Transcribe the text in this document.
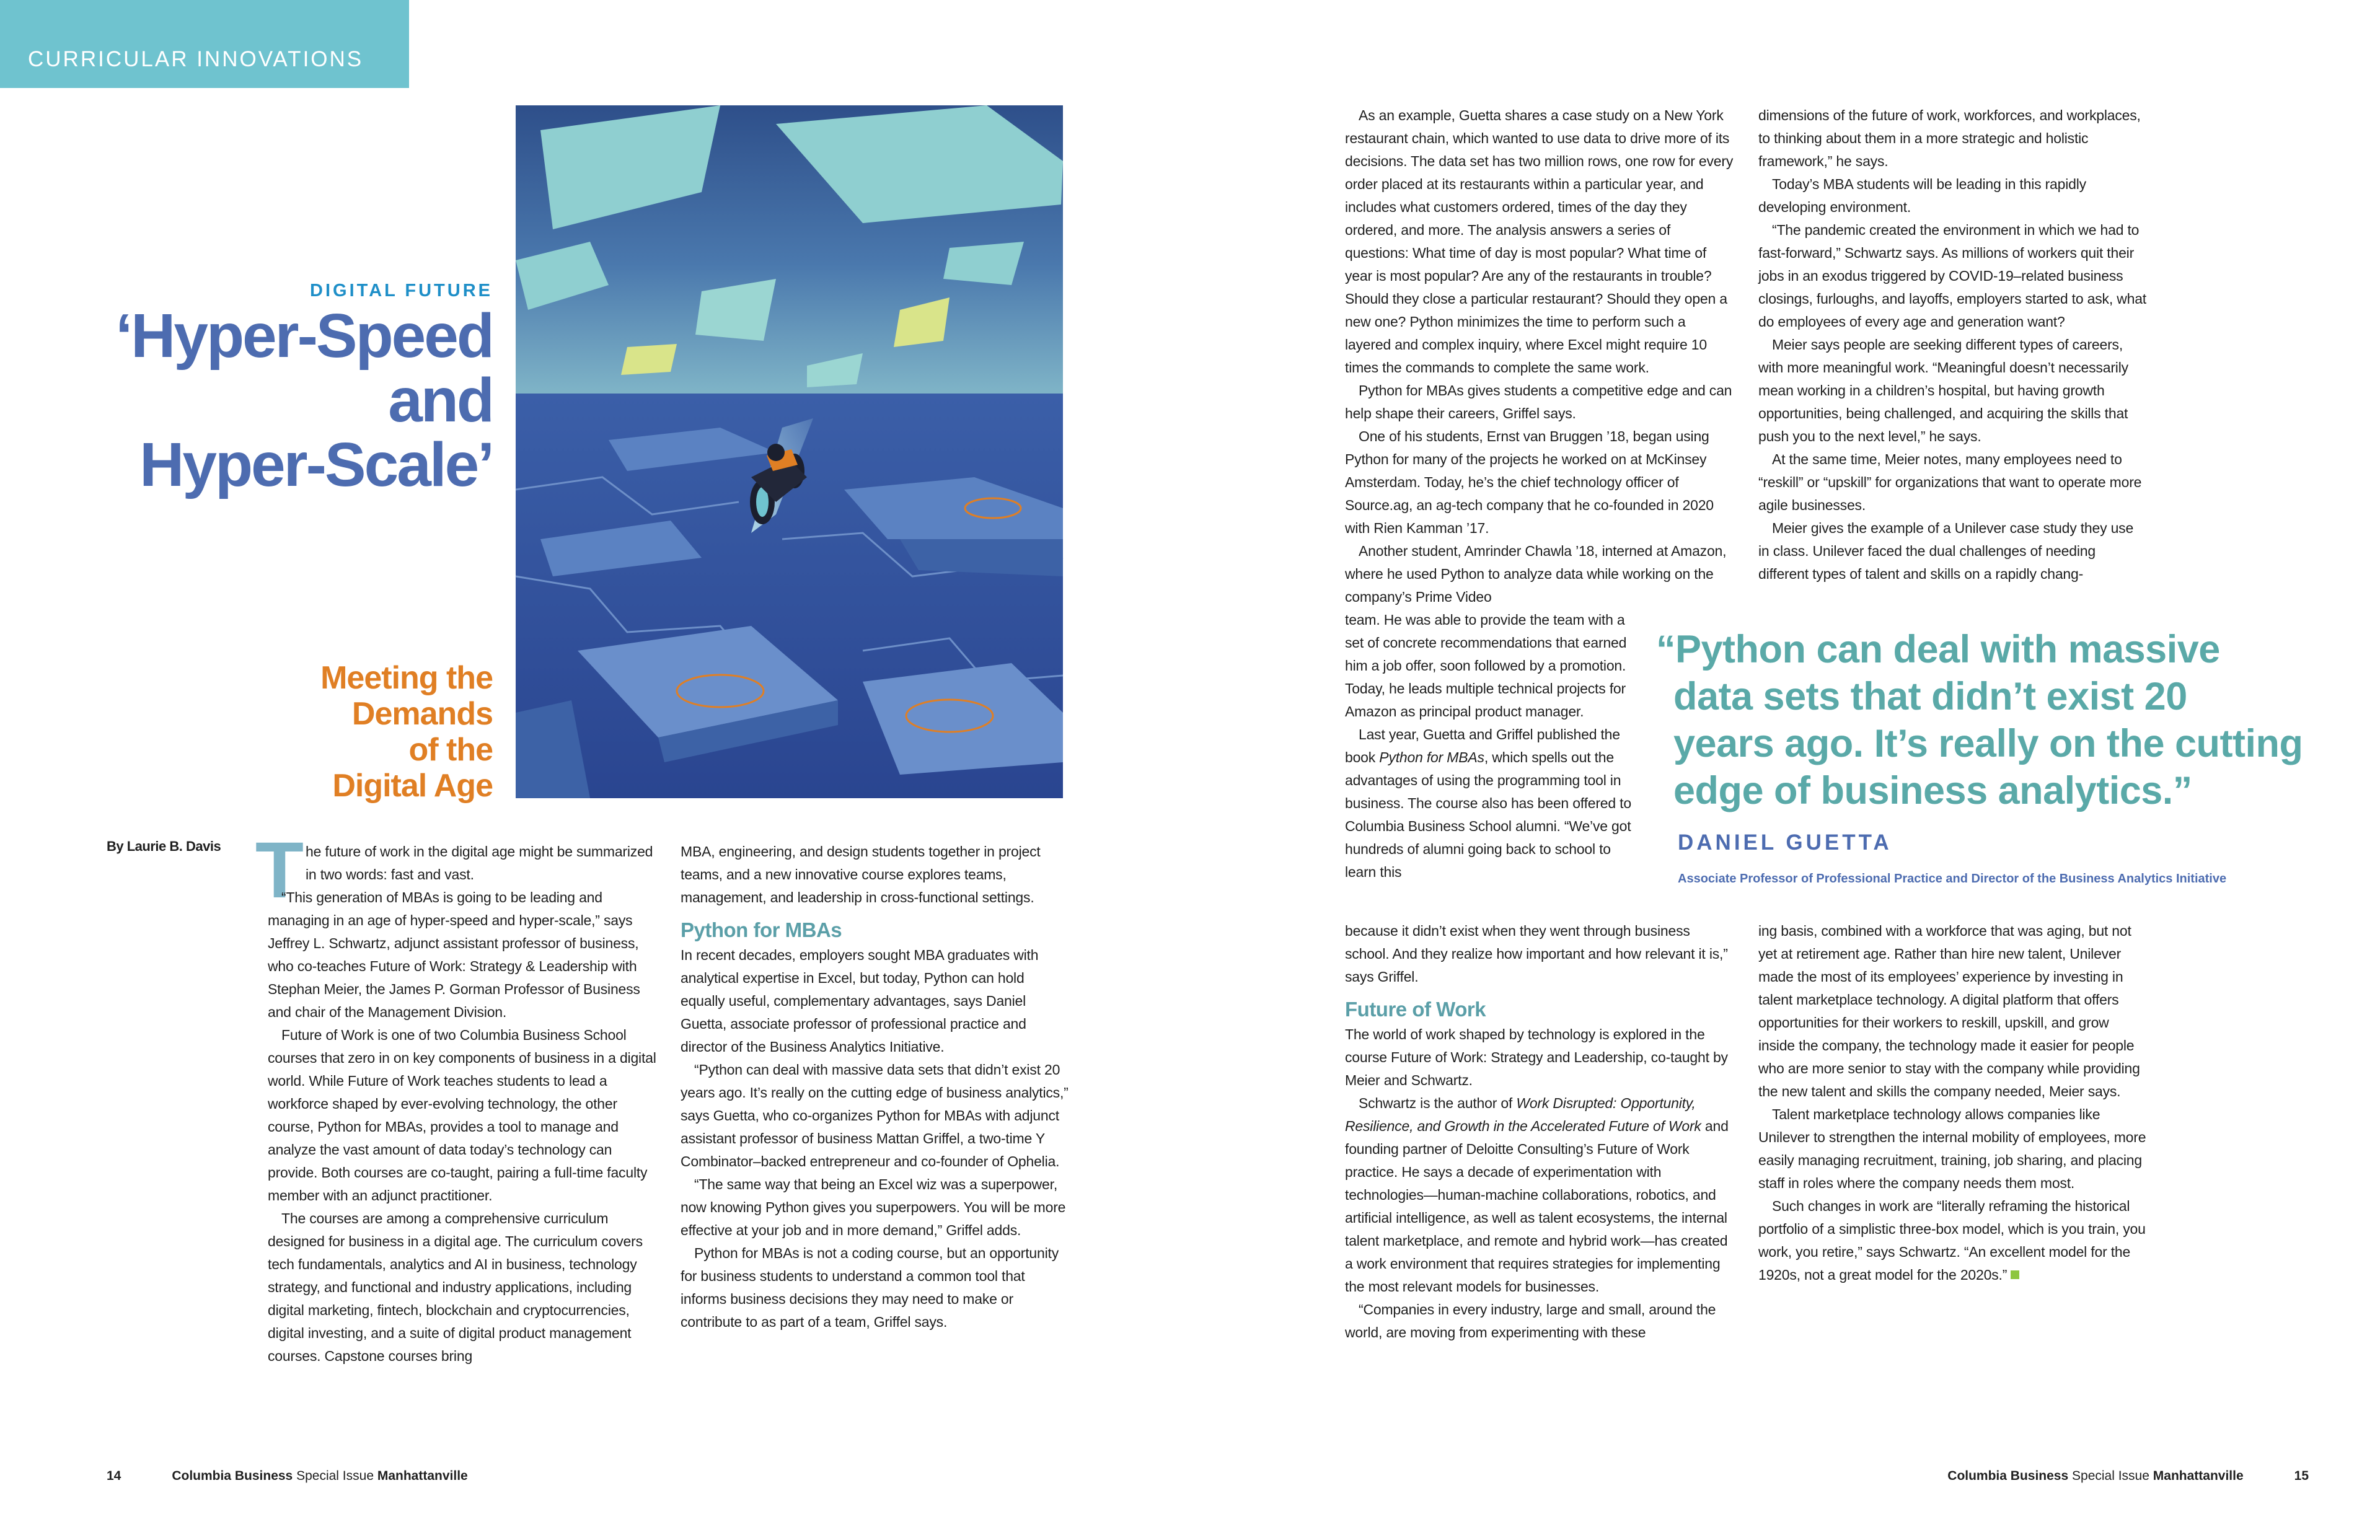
CURRICULAR INNOVATIONS
DIGITAL FUTURE
‘Hyper-Speed
and
Hyper-Scale’
Meeting the
Demands
of the
Digital Age
By Laurie B. Davis T he future of work in the digital age might be summarized in two words: fast and vast.

“This generation of MBAs is going to be leading and managing in an age of hyper-speed and hyper-scale,” says Jeffrey L. Schwartz, adjunct assistant professor of business, who co-teaches Future of Work: Strategy & Leadership with Stephan Meier, the James P. Gorman Professor of Business and chair of the Management Division.

Future of Work is one of two Columbia Business School courses that zero in on key components of business in a digital world. While Future of Work teaches students to lead a workforce shaped by ever-evolving technology, the other course, Python for MBAs, provides a tool to manage and analyze the vast amount of data today’s technology can provide. Both courses are co-taught, pairing a full-time faculty member with an adjunct practitioner.

The courses are among a comprehensive curriculum designed for business in a digital age. The curriculum covers tech fundamentals, analytics and AI in business, technology strategy, and functional and industry applications, including digital marketing, fintech, blockchain and cryptocurrencies, digital investing, and a suite of digital product management courses. Capstone courses bring

MBA, engineering, and design students together in project teams, and a new innovative course explores teams, management, and leadership in cross-functional settings.

Python for MBAs

In recent decades, employers sought MBA graduates with analytical expertise in Excel, but today, Python can hold equally useful, complementary advantages, says Daniel Guetta, associate professor of professional practice and director of the Business Analytics Initiative.

“Python can deal with massive data sets that didn’t exist 20 years ago. It’s really on the cutting edge of business analytics,” says Guetta, who co-organizes Python for MBAs with adjunct assistant professor of business Mattan Griffel, a two-time Y Combinator–backed entrepreneur and co-founder of Ophelia.

“The same way that being an Excel wiz was a superpower, now knowing Python gives you superpowers. You will be more effective at your job and in more demand,” Griffel adds.

Python for MBAs is not a coding course, but an opportunity for business students to understand a common tool that informs business decisions they may need to make or contribute to as part of a team, Griffel says.

As an example, Guetta shares a case study on a New York restaurant chain, which wanted to use data to drive more of its decisions. The data set has two million rows, one row for every order placed at its restaurants within a particular year, and includes what customers ordered, times of the day they ordered, and more. The analysis answers a series of questions: What time of day is most popular? What time of year is most popular? Are any of the restaurants in trouble? Should they close a particular restaurant? Should they open a new one? Python minimizes the time to perform such a layered and complex inquiry, where Excel might require 10 times the commands to complete the same work.

Python for MBAs gives students a competitive edge and can help shape their careers, Griffel says.

One of his students, Ernst van Bruggen ’18, began using Python for many of the projects he worked on at McKinsey Amsterdam. Today, he’s the chief technology officer of Source.ag, an ag-tech company that he co-founded in 2020 with Rien Kamman ’17.

Another student, Amrinder Chawla ’18, interned at Amazon, where he used Python to analyze data while working on the company’s Prime Video

team. He was able to provide the team with a set of concrete recommendations that earned him a job offer, soon followed by a promotion. Today, he leads multiple technical projects for Amazon as principal product manager.

Last year, Guetta and Griffel published the book Python for MBAs, which spells out the advantages of using the programming tool in business. The course also has been offered to Columbia Business School alumni. “We’ve got hundreds of alumni going back to school to learn this

dimensions of the future of work, workforces, and workplaces, to thinking about them in a more strategic and holistic framework,” he says.

Today’s MBA students will be leading in this rapidly developing environment.

“The pandemic created the environment in which we had to fast-forward,” Schwartz says. As millions of workers quit their jobs in an exodus triggered by COVID-19–related business closings, furloughs, and layoffs, employers started to ask, what do employees of every age and generation want?

Meier says people are seeking different types of careers, with more meaningful work. “Meaningful doesn’t necessarily mean working in a children’s hospital, but having growth opportunities, being challenged, and acquiring the skills that push you to the next level,” he says.

At the same time, Meier notes, many employees need to “reskill” or “upskill” for organizations that want to operate more agile businesses.

Meier gives the example of a Unilever case study they use in class. Unilever faced the dual challenges of needing different types of talent and skills on a rapidly chang-

“Python can deal with massive
data sets that didn’t exist 20
years ago. It’s really on the cutting
edge of business analytics.”
DANIEL GUETTA
Associate Professor of Professional Practice and Director of the Business Analytics Initiative

because it didn’t exist when they went through business school. And they realize how important and how relevant it is,” says Griffel.

Future of Work

The world of work shaped by technology is explored in the course Future of Work: Strategy and Leadership, co-taught by Meier and Schwartz.

Schwartz is the author of Work Disrupted: Opportunity, Resilience, and Growth in the Accelerated Future of Work and founding partner of Deloitte Consulting’s Future of Work practice. He says a decade of experimentation with technologies—human-machine collaborations, robotics, and artificial intelligence, as well as talent ecosystems, the internal talent marketplace, and remote and hybrid work—has created a work environment that requires strategies for implementing the most relevant models for businesses.

“Companies in every industry, large and small, around the world, are moving from experimenting with these

ing basis, combined with a workforce that was aging, but not yet at retirement age. Rather than hire new talent, Unilever made the most of its employees’ experience by investing in talent marketplace technology. A digital platform that offers opportunities for their workers to reskill, upskill, and grow inside the company, the technology made it easier for people who are more senior to stay with the company while providing the new talent and skills the company needed, Meier says.

Talent marketplace technology allows companies like Unilever to strengthen the internal mobility of employees, more easily managing recruitment, training, job sharing, and placing staff in roles where the company needs them most.

Such changes in work are “literally reframing the historical portfolio of a simplistic three-box model, which is you train, you work, you retire,” says Schwartz. “An excellent model for the 1920s, not a great model for the 2020s.”

14	Columbia Business Special Issue Manhattanville	Columbia Business Special Issue Manhattanville	15
